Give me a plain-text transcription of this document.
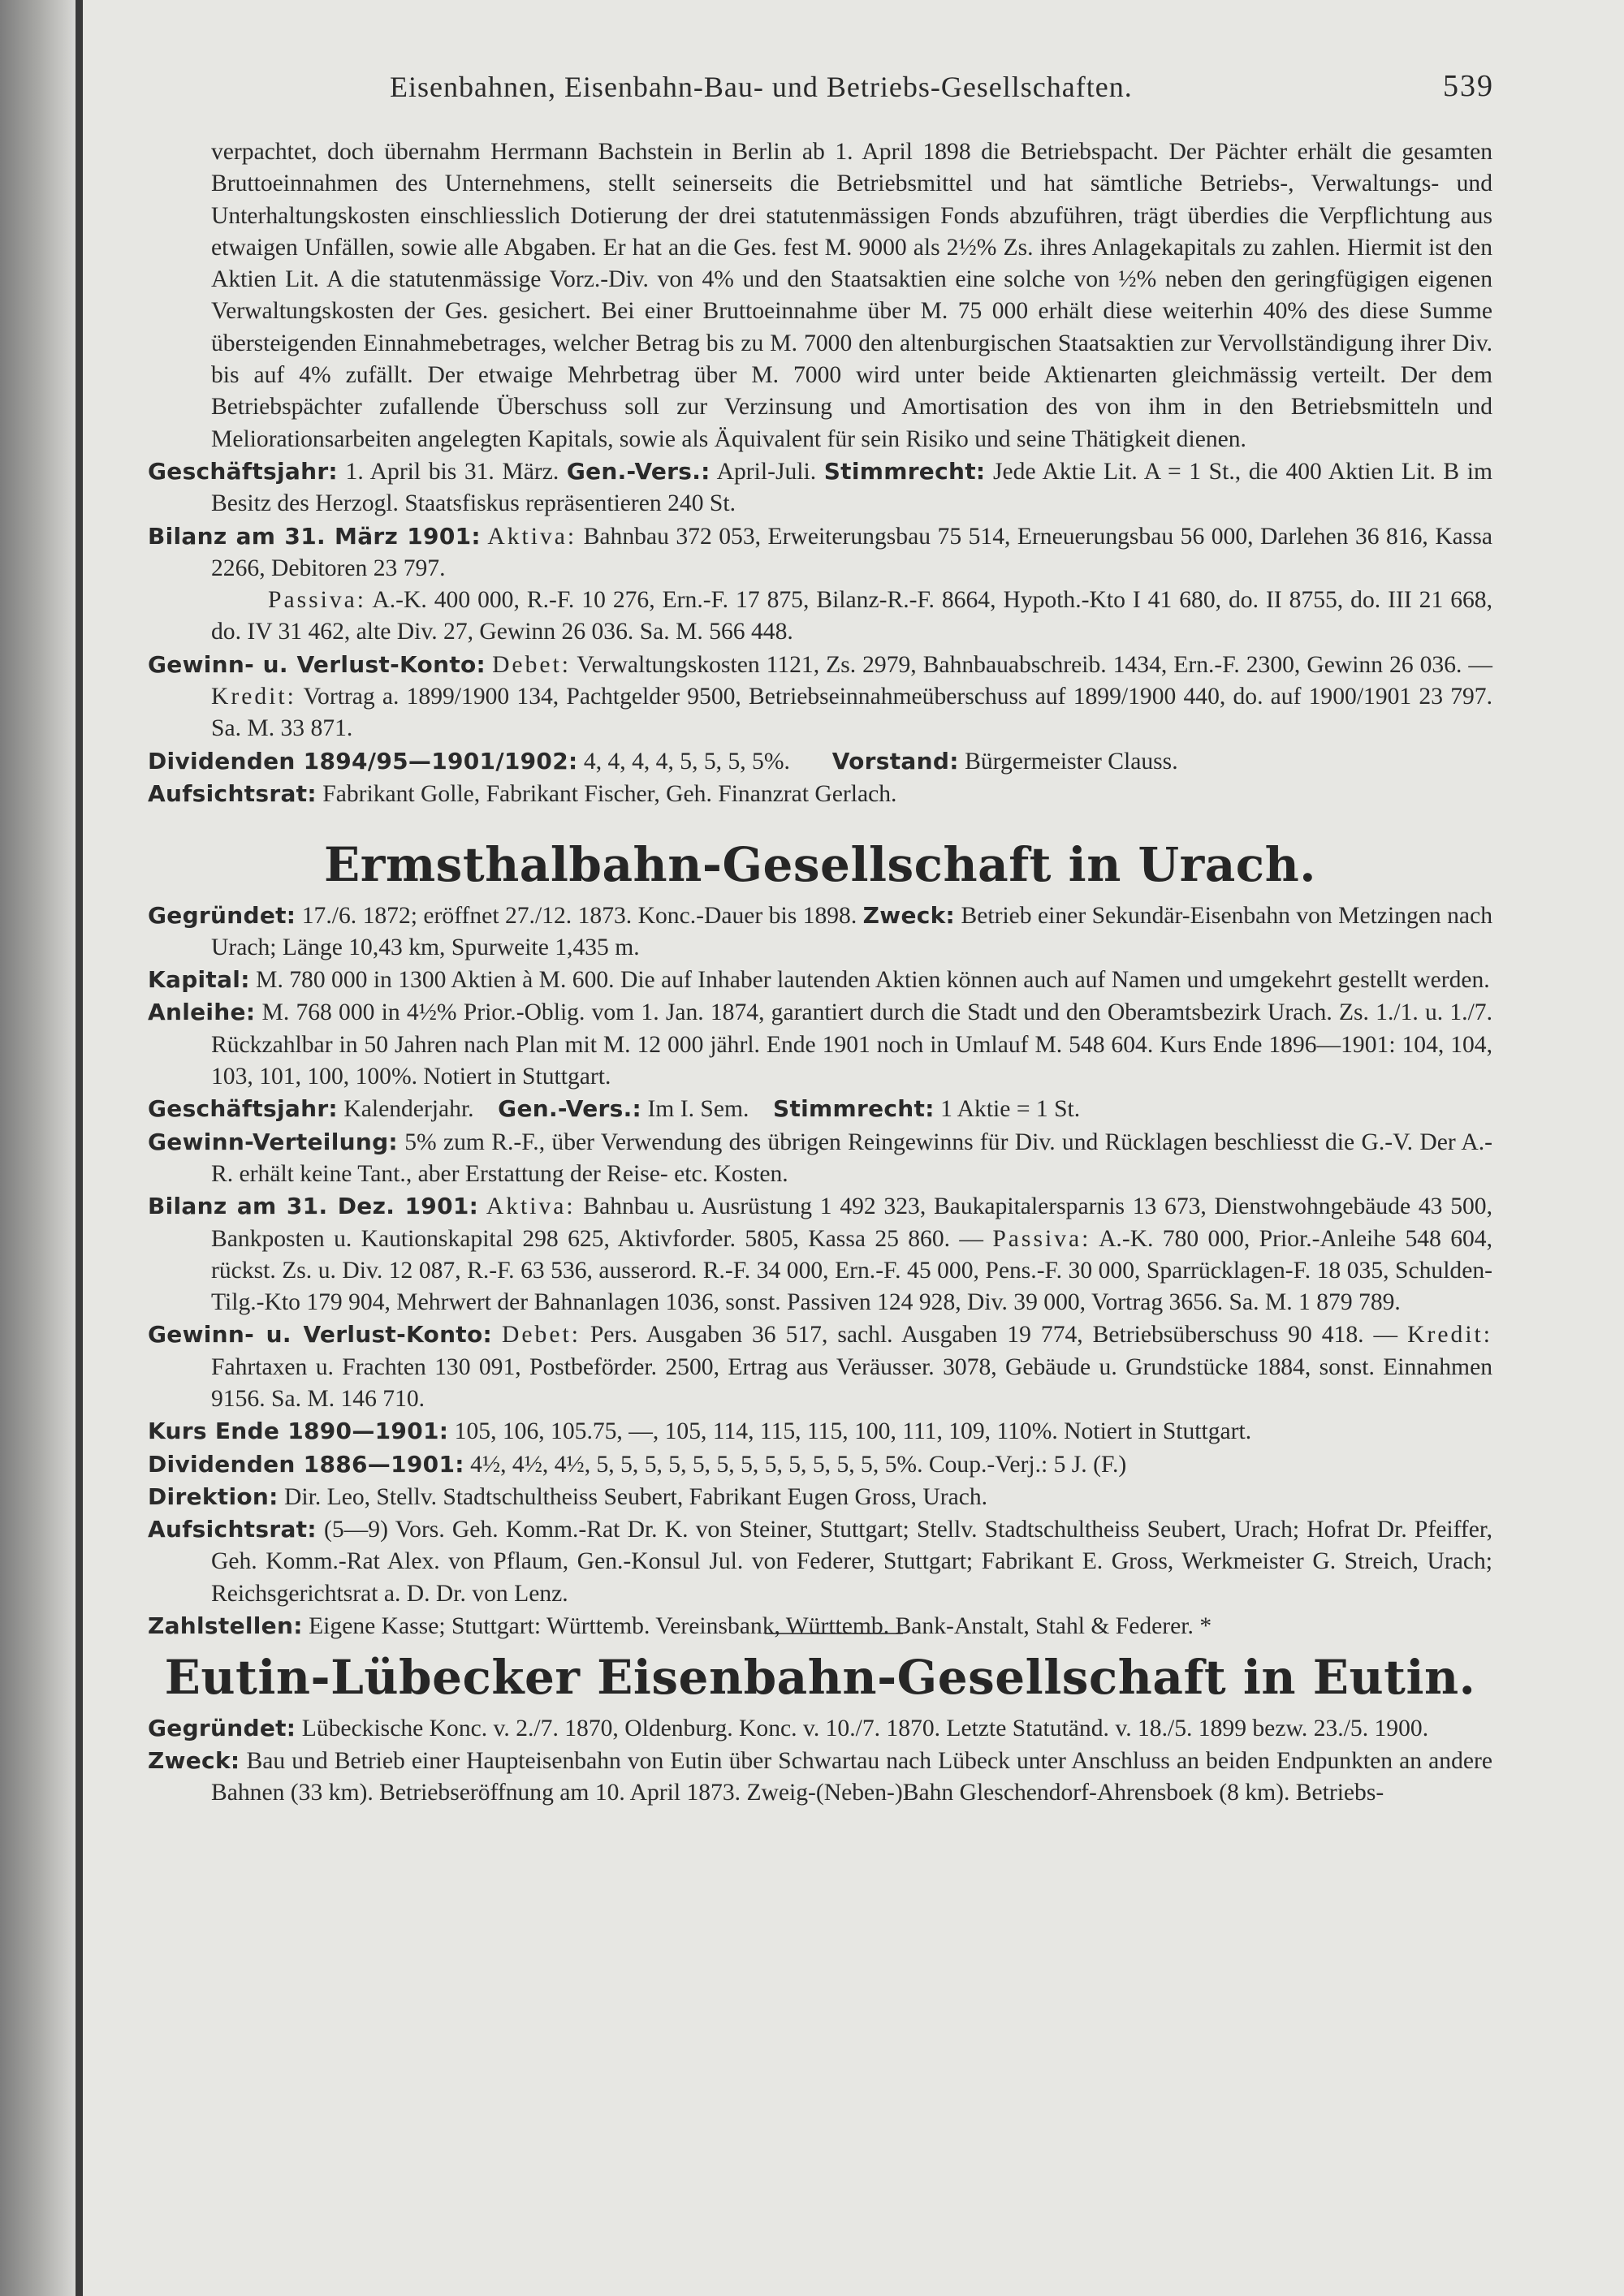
Eisenbahnen, Eisenbahn-Bau- und Betriebs-Gesellschaften.	539

verpachtet, doch übernahm Herrmann Bachstein in Berlin ab 1. April 1898 die Betriebspacht. Der Pächter erhält die gesamten Bruttoeinnahmen des Unternehmens, stellt seinerseits die Betriebsmittel und hat sämtliche Betriebs-, Verwaltungs- und Unterhaltungskosten einschliesslich Dotierung der drei statutenmässigen Fonds abzuführen, trägt überdies die Verpflichtung aus etwaigen Unfällen, sowie alle Abgaben. Er hat an die Ges. fest M. 9000 als 2½% Zs. ihres Anlagekapitals zu zahlen. Hiermit ist den Aktien Lit. A die statutenmässige Vorz.-Div. von 4% und den Staatsaktien eine solche von ½% neben den geringfügigen eigenen Verwaltungskosten der Ges. gesichert. Bei einer Bruttoeinnahme über M. 75 000 erhält diese weiterhin 40% des diese Summe übersteigenden Einnahmebetrages, welcher Betrag bis zu M. 7000 den altenburgischen Staatsaktien zur Vervollständigung ihrer Div. bis auf 4% zufällt. Der etwaige Mehrbetrag über M. 7000 wird unter beide Aktienarten gleichmässig verteilt. Der dem Betriebspächter zufallende Überschuss soll zur Verzinsung und Amortisation des von ihm in den Betriebsmitteln und Meliorationsarbeiten angelegten Kapitals, sowie als Äquivalent für sein Risiko und seine Thätigkeit dienen.

Geschäftsjahr: 1. April bis 31. März. Gen.-Vers.: April-Juli. Stimmrecht: Jede Aktie Lit. A = 1 St., die 400 Aktien Lit. B im Besitz des Herzogl. Staatsfiskus repräsentieren 240 St.

Bilanz am 31. März 1901: Aktiva: Bahnbau 372 053, Erweiterungsbau 75 514, Erneuerungsbau 56 000, Darlehen 36 816, Kassa 2266, Debitoren 23 797.
Passiva: A.-K. 400 000, R.-F. 10 276, Ern.-F. 17 875, Bilanz-R.-F. 8664, Hypoth.-Kto I 41 680, do. II 8755, do. III 21 668, do. IV 31 462, alte Div. 27, Gewinn 26 036. Sa. M. 566 448.

Gewinn- u. Verlust-Konto: Debet: Verwaltungskosten 1121, Zs. 2979, Bahnbauabschreib. 1434, Ern.-F. 2300, Gewinn 26 036. — Kredit: Vortrag a. 1899/1900 134, Pachtgelder 9500, Betriebseinnahmeüberschuss auf 1899/1900 440, do. auf 1900/1901 23 797. Sa. M. 33 871.

Dividenden 1894/95—1901/1902: 4, 4, 4, 4, 5, 5, 5, 5%. Vorstand: Bürgermeister Clauss.

Aufsichtsrat: Fabrikant Golle, Fabrikant Fischer, Geh. Finanzrat Gerlach.

Ermsthalbahn-Gesellschaft in Urach.

Gegründet: 17./6. 1872; eröffnet 27./12. 1873. Konc.-Dauer bis 1898. Zweck: Betrieb einer Sekundär-Eisenbahn von Metzingen nach Urach; Länge 10,43 km, Spurweite 1,435 m.

Kapital: M. 780 000 in 1300 Aktien à M. 600. Die auf Inhaber lautenden Aktien können auch auf Namen und umgekehrt gestellt werden.

Anleihe: M. 768 000 in 4½% Prior.-Oblig. vom 1. Jan. 1874, garantiert durch die Stadt und den Oberamtsbezirk Urach. Zs. 1./1. u. 1./7. Rückzahlbar in 50 Jahren nach Plan mit M. 12 000 jährl. Ende 1901 noch in Umlauf M. 548 604. Kurs Ende 1896—1901: 104, 104, 103, 101, 100, 100%. Notiert in Stuttgart.

Geschäftsjahr: Kalenderjahr. Gen.-Vers.: Im I. Sem. Stimmrecht: 1 Aktie = 1 St.

Gewinn-Verteilung: 5% zum R.-F., über Verwendung des übrigen Reingewinns für Div. und Rücklagen beschliesst die G.-V. Der A.-R. erhält keine Tant., aber Erstattung der Reise- etc. Kosten.

Bilanz am 31. Dez. 1901: Aktiva: Bahnbau u. Ausrüstung 1 492 323, Baukapitalersparnis 13 673, Dienstwohngebäude 43 500, Bankposten u. Kautionskapital 298 625, Aktivforder. 5805, Kassa 25 860. — Passiva: A.-K. 780 000, Prior.-Anleihe 548 604, rückst. Zs. u. Div. 12 087, R.-F. 63 536, ausserord. R.-F. 34 000, Ern.-F. 45 000, Pens.-F. 30 000, Sparrücklagen-F. 18 035, Schulden-Tilg.-Kto 179 904, Mehrwert der Bahnanlagen 1036, sonst. Passiven 124 928, Div. 39 000, Vortrag 3656. Sa. M. 1 879 789.

Gewinn- u. Verlust-Konto: Debet: Pers. Ausgaben 36 517, sachl. Ausgaben 19 774, Betriebsüberschuss 90 418. — Kredit: Fahrtaxen u. Frachten 130 091, Postbeförder. 2500, Ertrag aus Veräusser. 3078, Gebäude u. Grundstücke 1884, sonst. Einnahmen 9156. Sa. M. 146 710.

Kurs Ende 1890—1901: 105, 106, 105.75, —, 105, 114, 115, 115, 100, 111, 109, 110%. Notiert in Stuttgart.

Dividenden 1886—1901: 4½, 4½, 4½, 5, 5, 5, 5, 5, 5, 5, 5, 5, 5, 5, 5, 5%. Coup.-Verj.: 5 J. (F.)

Direktion: Dir. Leo, Stellv. Stadtschultheiss Seubert, Fabrikant Eugen Gross, Urach.

Aufsichtsrat: (5—9) Vors. Geh. Komm.-Rat Dr. K. von Steiner, Stuttgart; Stellv. Stadtschultheiss Seubert, Urach; Hofrat Dr. Pfeiffer, Geh. Komm.-Rat Alex. von Pflaum, Gen.-Konsul Jul. von Federer, Stuttgart; Fabrikant E. Gross, Werkmeister G. Streich, Urach; Reichsgerichtsrat a. D. Dr. von Lenz.

Zahlstellen: Eigene Kasse; Stuttgart: Württemb. Vereinsbank, Württemb. Bank-Anstalt, Stahl & Federer. *

Eutin-Lübecker Eisenbahn-Gesellschaft in Eutin.

Gegründet: Lübeckische Konc. v. 2./7. 1870, Oldenburg. Konc. v. 10./7. 1870. Letzte Statutänd. v. 18./5. 1899 bezw. 23./5. 1900.

Zweck: Bau und Betrieb einer Haupteisenbahn von Eutin über Schwartau nach Lübeck unter Anschluss an beiden Endpunkten an andere Bahnen (33 km). Betriebseröffnung am 10. April 1873. Zweig-(Neben-)Bahn Gleschendorf-Ahrensboek (8 km). Betriebs-
